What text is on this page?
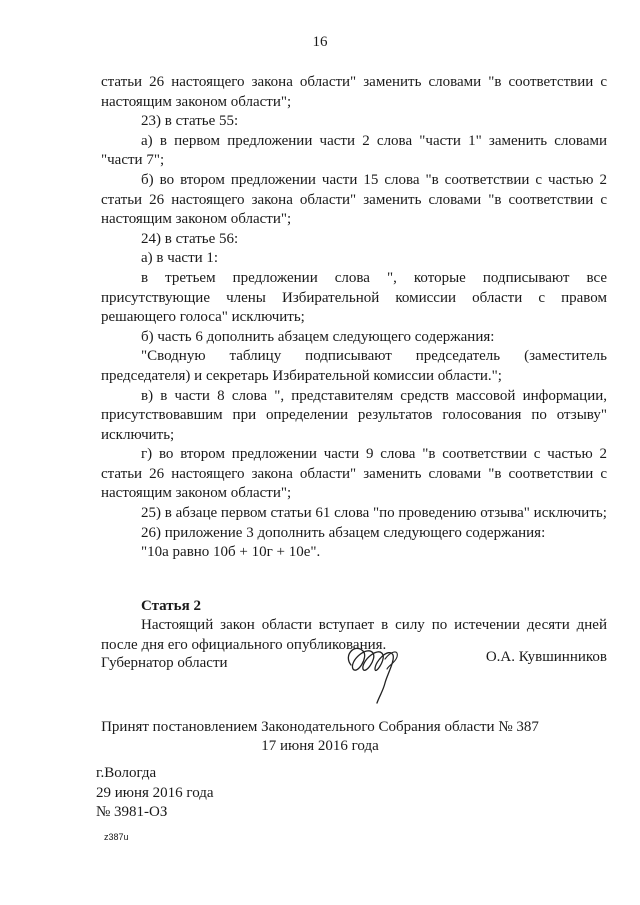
16

статьи 26 настоящего закона области" заменить словами "в соответствии с настоящим законом области";

23) в статье 55:

а) в первом предложении части 2 слова "части 1" заменить словами "части 7";

б) во втором предложении части 15 слова "в соответствии с частью 2 статьи 26 настоящего закона области" заменить словами "в соответствии с настоящим законом области";

24) в статье 56:

а) в части 1:

в третьем предложении слова ", которые подписывают все присутствующие члены Избирательной комиссии области с правом решающего голоса" исключить;

б) часть 6 дополнить абзацем следующего содержания:

"Сводную таблицу подписывают председатель (заместитель председателя) и секретарь Избирательной комиссии области.";

в) в части 8 слова ", представителям средств массовой информации, присутствовавшим при определении результатов голосования по отзыву" исключить;

г) во втором предложении части 9 слова "в соответствии с частью 2 статьи 26 настоящего закона области" заменить словами "в соответствии с настоящим законом области";

25) в абзаце первом статьи 61 слова "по проведению отзыва" исключить;

26) приложение 3 дополнить абзацем следующего содержания:

"10а равно 10б + 10г + 10е".

Статья 2

Настоящий закон области вступает в силу по истечении десяти дней после дня его официального опубликования.

Губернатор области	О.А. Кувшинников
Принят постановлением Законодательного Собрания области № 387
17 июня 2016 года
г.Вологда
29 июня 2016 года
№ 3981-ОЗ
z387u
